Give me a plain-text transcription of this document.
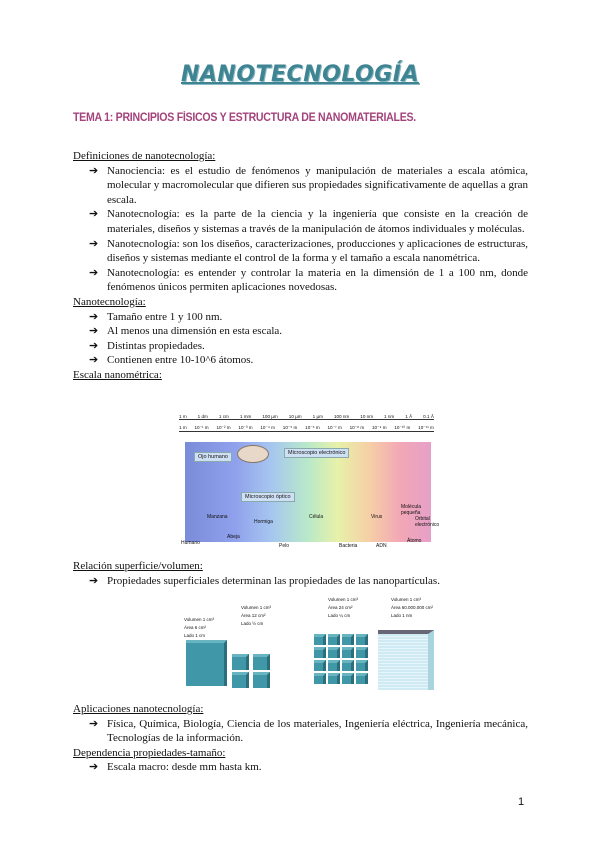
NANOTECNOLOGÍA
TEMA 1: PRINCIPIOS FÍSICOS Y ESTRUCTURA DE NANOMATERIALES.
Definiciones de nanotecnología:
➔ Nanociencia: es el estudio de fenómenos y manipulación de materiales a escala atómica, molecular y macromolecular que difieren sus propiedades significativamente de aquellas a gran escala.
➔ Nanotecnología: es la parte de la ciencia y la ingeniería que consiste en la creación de materiales, diseños y sistemas a través de la manipulación de átomos individuales y moléculas.
➔ Nanotecnología: son los diseños, caracterizaciones, producciones y aplicaciones de estructuras, diseños y sistemas mediante el control de la forma y el tamaño a escala nanométrica.
➔ Nanotecnología: es entender y controlar la materia en la dimensión de 1 a 100 nm, donde fenómenos únicos permiten aplicaciones novedosas.
Nanotecnología:
➔ Tamaño entre 1 y 100 nm.
➔ Al menos una dimensión en esta escala.
➔ Distintas propiedades.
➔ Contienen entre 10-10^6 átomos.
Escala nanométrica:
1 m 1 dm 1 cm 1 mm 100 µm 10 µm 1 µm 100 nm 10 nm 1 nm 1 Å 0.1 Å
1 m 10⁻¹ m 10⁻² m 10⁻³ m 10⁻⁴ m 10⁻⁵ m 10⁻⁶ m 10⁻⁷ m 10⁻⁸ m 10⁻⁹ m 10⁻¹⁰ m 10⁻¹¹ m
Ojo humano
Microscopio electrónico
Microscopio óptico
Humano
Manzana
Abeja
Hormiga
Pelo
Célula
Bacteria
Virus
ADN
Molécula pequeña
Átomo
Orbital electrónico
Relación superficie/volumen:
➔ Propiedades superficiales determinan las propiedades de las nanopartículas.
Volumen 1 cm³
Área 6 cm²
Lado 1 cm
Volumen 1 cm³
Área 12 cm²
Lado ½ cm
Volumen 1 cm³
Área 24 cm²
Lado ¼ cm
Volumen 1 cm³
Área 60.000.000 cm²
Lado 1 nm
Aplicaciones nanotecnología:
➔ Física, Química, Biología, Ciencia de los materiales, Ingeniería eléctrica, Ingeniería mecánica, Tecnologías de la información.
Dependencia propiedades-tamaño:
➔ Escala macro: desde mm hasta km.
1
